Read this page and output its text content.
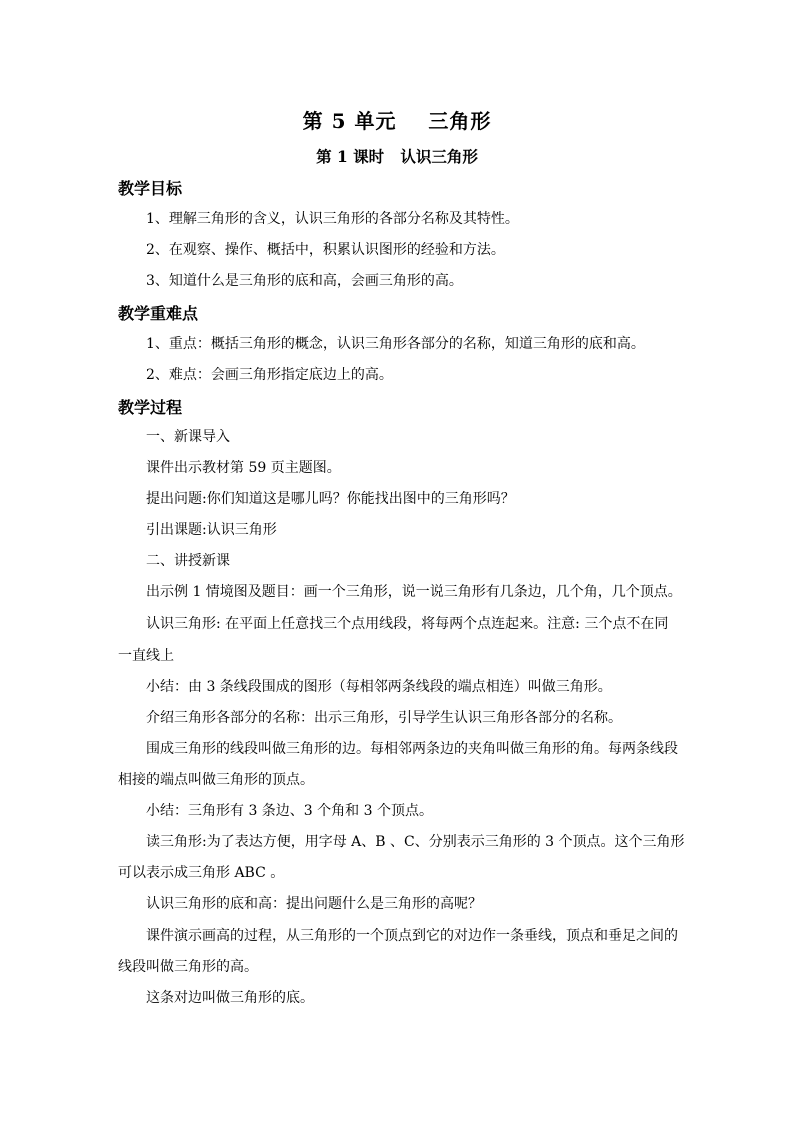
第 5 单元    三角形
第 1 课时   认识三角形
教学目标
1、理解三角形的含义，认识三角形的各部分名称及其特性。
2、在观察、操作、概括中，积累认识图形的经验和方法。
3、知道什么是三角形的底和高，会画三角形的高。
教学重难点
1、重点：概括三角形的概念，认识三角形各部分的名称，知道三角形的底和高。
2、难点：会画三角形指定底边上的高。
教学过程
一、新课导入
课件出示教材第 59 页主题图。
提出问题:你们知道这是哪儿吗？你能找出图中的三角形吗？
引出课题:认识三角形
二、讲授新课
出示例 1 情境图及题目：画一个三角形，说一说三角形有几条边，几个角，几个顶点。
认识三角形: 在平面上任意找三个点用线段，将每两个点连起来。注意: 三个点不在同
一直线上
小结：由 3 条线段围成的图形（每相邻两条线段的端点相连）叫做三角形。
介绍三角形各部分的名称：出示三角形，引导学生认识三角形各部分的名称。
围成三角形的线段叫做三角形的边。每相邻两条边的夹角叫做三角形的角。每两条线段
相接的端点叫做三角形的顶点。
小结：三角形有 3 条边、3 个角和 3 个顶点。
读三角形:为了表达方便，用字母 A、B 、C、分别表示三角形的 3 个顶点。这个三角形
可以表示成三角形 ABC 。
认识三角形的底和高：提出问题什么是三角形的高呢？
课件演示画高的过程，从三角形的一个顶点到它的对边作一条垂线，顶点和垂足之间的
线段叫做三角形的高。
这条对边叫做三角形的底。
